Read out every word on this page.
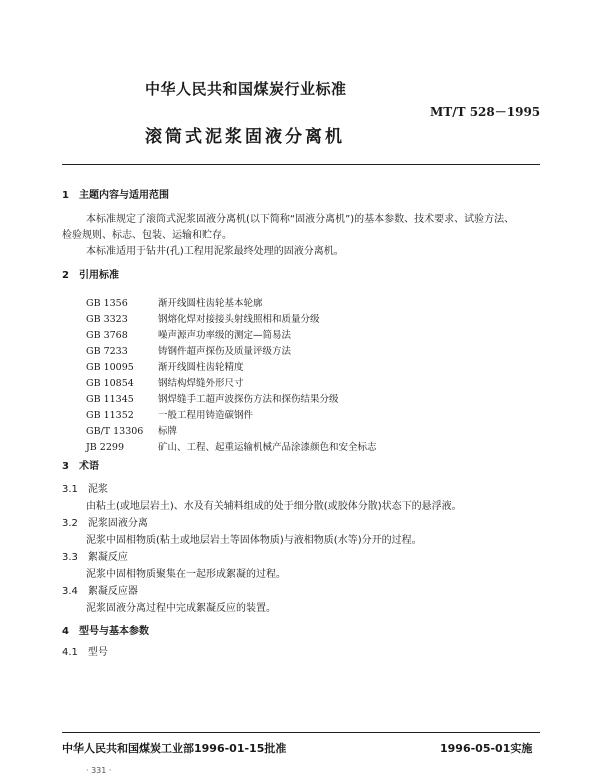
中华人民共和国煤炭行业标准
MT/T 528－1995
滚筒式泥浆固液分离机
1　主题内容与适用范围
本标准规定了滚筒式泥浆固液分离机(以下简称“固液分离机”)的基本参数、技术要求、试验方法、
检验规则、标志、包装、运输和贮存。
本标准适用于钻井(孔)工程用泥浆最终处理的固液分离机。
2　引用标准
GB 1356	渐开线圆柱齿轮基本轮廓
GB 3323	钢熔化焊对接接头射线照相和质量分级
GB 3768	噪声源声功率级的测定—简易法
GB 7233	铸钢件超声探伤及质量评级方法
GB 10095	渐开线圆柱齿轮精度
GB 10854	钢结构焊缝外形尺寸
GB 11345	钢焊缝手工超声波探伤方法和探伤结果分级
GB 11352	一般工程用铸造碳钢件
GB/T 13306 标牌
JB 2299	矿山、工程、起重运输机械产品涂漆颜色和安全标志
3　术语
3.1　泥浆
由粘土(或地层岩土)、水及有关辅料组成的处于细分散(或胶体分散)状态下的悬浮液。
3.2　泥浆固液分离
泥浆中固相物质(粘土或地层岩土等固体物质)与液相物质(水等)分开的过程。
3.3　絮凝反应
泥浆中固相物质聚集在一起形成絮凝的过程。
3.4　絮凝反应器
泥浆固液分离过程中完成絮凝反应的装置。
4　型号与基本参数
4.1　型号
中华人民共和国煤炭工业部1996-01-15批准	1996-05-01实施
· 331 ·
